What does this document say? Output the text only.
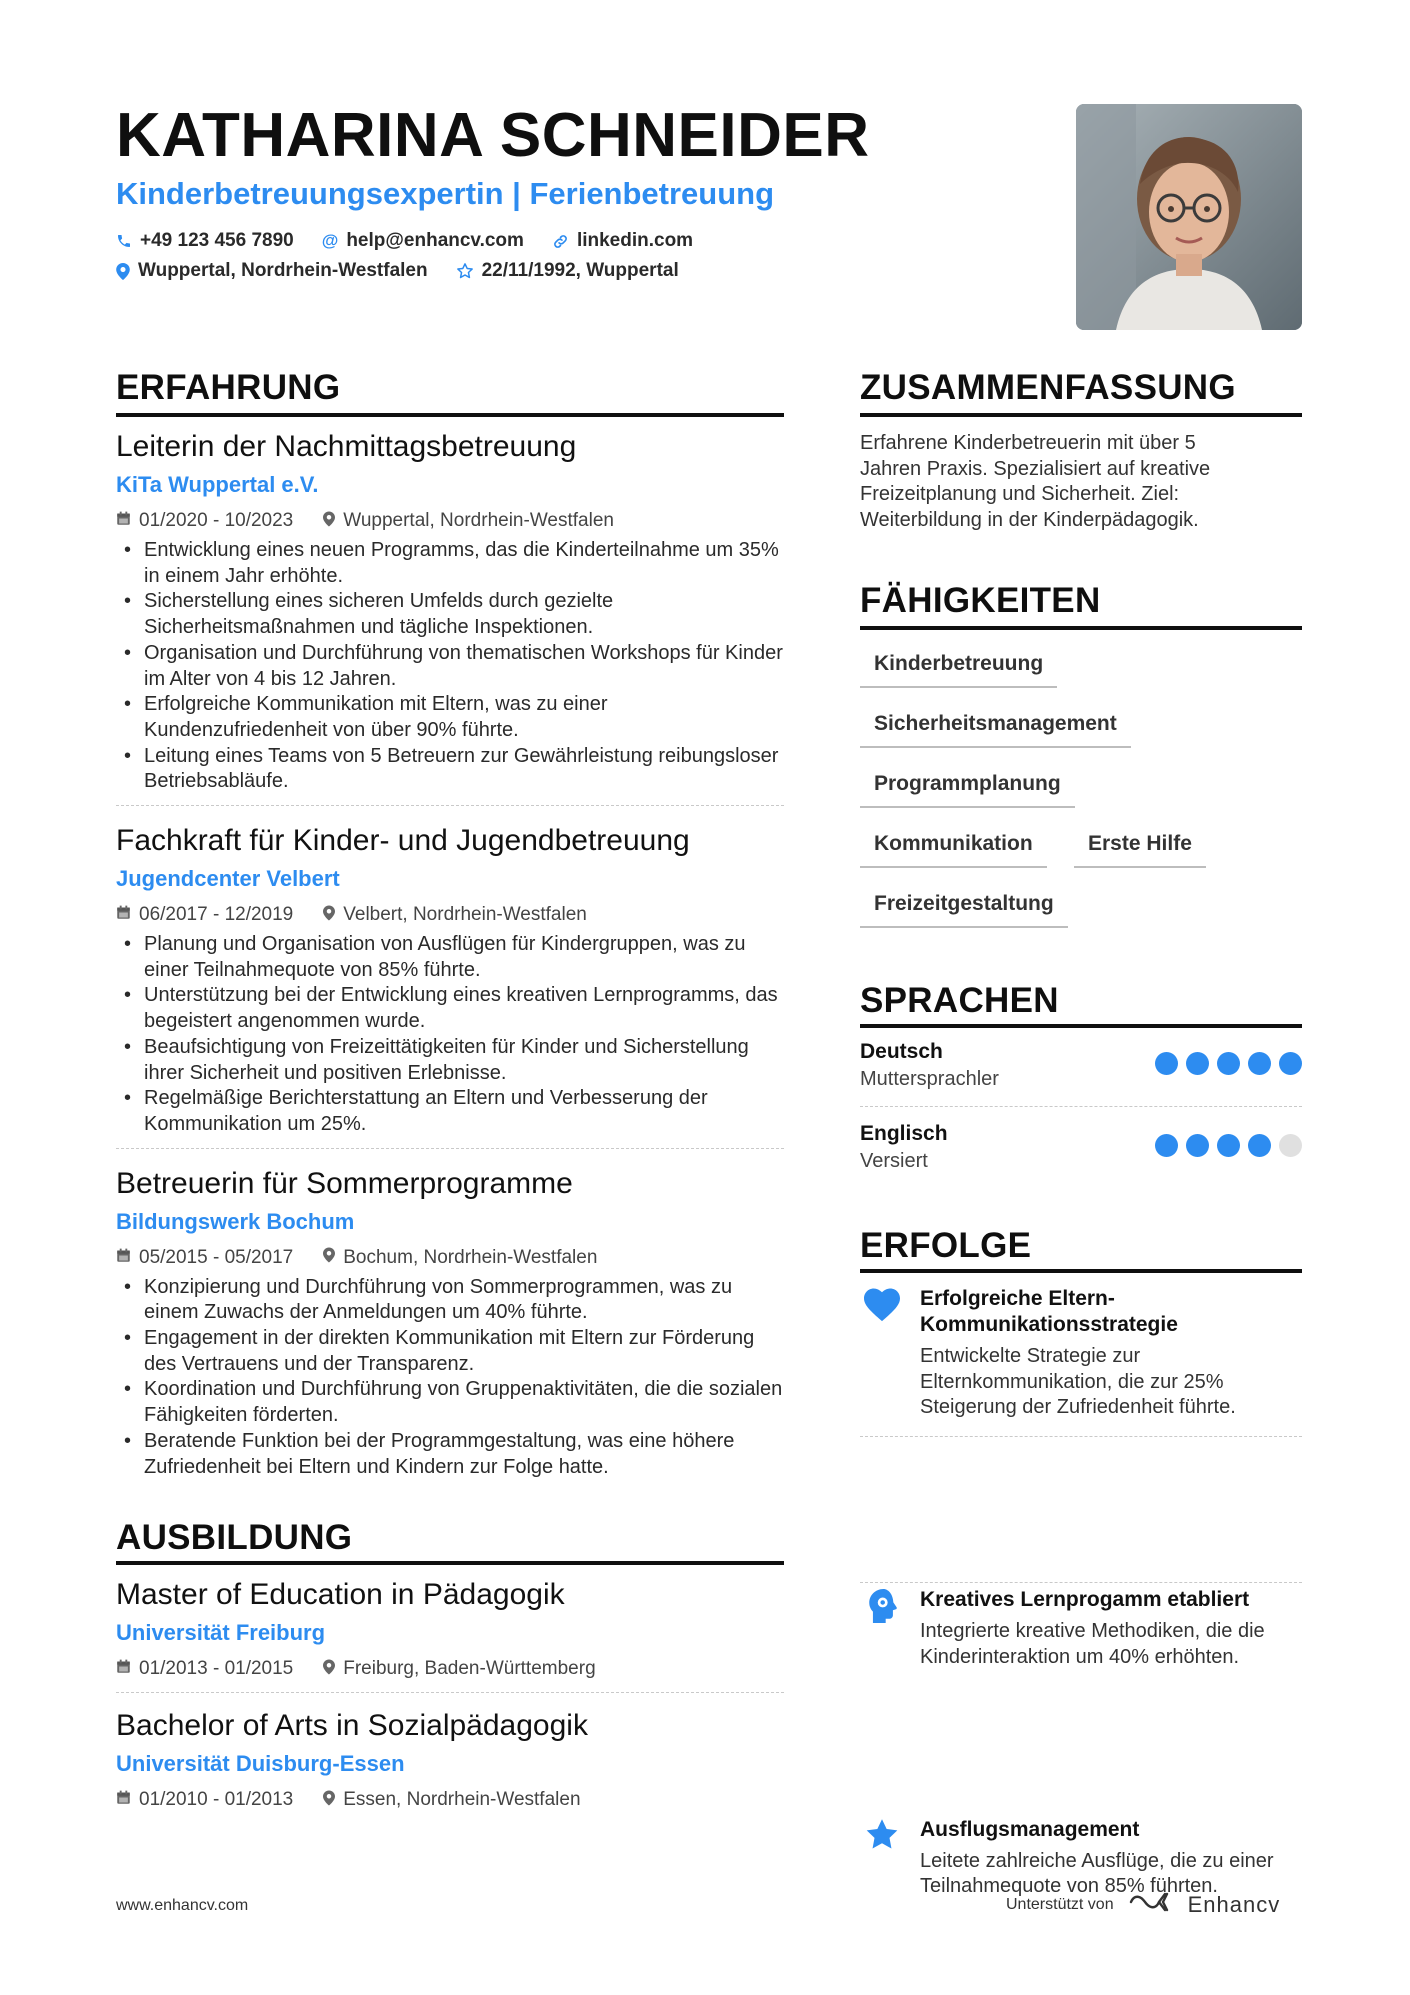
KATHARINA SCHNEIDER
Kinderbetreuungsexpertin | Ferienbetreuung
+49 123 456 7890 @ help@enhancv.com	linkedin.com
Wuppertal, Nordrhein-Westfalen	22/11/1992, Wuppertal
ERFAHRUNG
Leiterin der Nachmittagsbetreuung
KiTa Wuppertal e.V.
01/2020 - 10/2023	Wuppertal, Nordrhein-Westfalen
• Entwicklung eines neuen Programms, das die Kinderteilnahme um 35% in einem Jahr erhöhte.
• Sicherstellung eines sicheren Umfelds durch gezielte Sicherheitsmaßnahmen und tägliche Inspektionen.
• Organisation und Durchführung von thematischen Workshops für Kinder im Alter von 4 bis 12 Jahren.
• Erfolgreiche Kommunikation mit Eltern, was zu einer Kundenzufriedenheit von über 90% führte.
• Leitung eines Teams von 5 Betreuern zur Gewährleistung reibungsloser Betriebsabläufe.
Fachkraft für Kinder- und Jugendbetreuung
Jugendcenter Velbert
06/2017 - 12/2019	Velbert, Nordrhein-Westfalen
• Planung und Organisation von Ausflügen für Kindergruppen, was zu einer Teilnahmequote von 85% führte.
• Unterstützung bei der Entwicklung eines kreativen Lernprogramms, das begeistert angenommen wurde.
• Beaufsichtigung von Freizeittätigkeiten für Kinder und Sicherstellung ihrer Sicherheit und positiven Erlebnisse.
• Regelmäßige Berichterstattung an Eltern und Verbesserung der Kommunikation um 25%.
Betreuerin für Sommerprogramme
Bildungswerk Bochum
05/2015 - 05/2017	Bochum, Nordrhein-Westfalen
• Konzipierung und Durchführung von Sommerprogrammen, was zu einem Zuwachs der Anmeldungen um 40% führte.
• Engagement in der direkten Kommunikation mit Eltern zur Förderung des Vertrauens und der Transparenz.
• Koordination und Durchführung von Gruppenaktivitäten, die die sozialen Fähigkeiten förderten.
• Beratende Funktion bei der Programmgestaltung, was eine höhere Zufriedenheit bei Eltern und Kindern zur Folge hatte.
AUSBILDUNG
Master of Education in Pädagogik
Universität Freiburg
01/2013 - 01/2015	Freiburg, Baden-Württemberg
Bachelor of Arts in Sozialpädagogik
Universität Duisburg-Essen
01/2010 - 01/2013	Essen, Nordrhein-Westfalen
ZUSAMMENFASSUNG
Erfahrene Kinderbetreuerin mit über 5 Jahren Praxis. Spezialisiert auf kreative Freizeitplanung und Sicherheit. Ziel: Weiterbildung in der Kinderpädagogik.
FÄHIGKEITEN
Kinderbetreuung
Sicherheitsmanagement
Programmplanung
Kommunikation	Erste Hilfe
Freizeitgestaltung
SPRACHEN
Deutsch
Muttersprachler
Englisch
Versiert
ERFOLGE
Erfolgreiche Eltern-Kommunikationsstrategie
Entwickelte Strategie zur Elternkommunikation, die zur 25% Steigerung der Zufriedenheit führte.
Kreatives Lernprogamm etabliert
Integrierte kreative Methodiken, die die Kinderinteraktion um 40% erhöhten.
Ausflugsmanagement
Leitete zahlreiche Ausflüge, die zu einer Teilnahmequote von 85% führten.
www.enhancv.com	Unterstützt von	Enhancv
